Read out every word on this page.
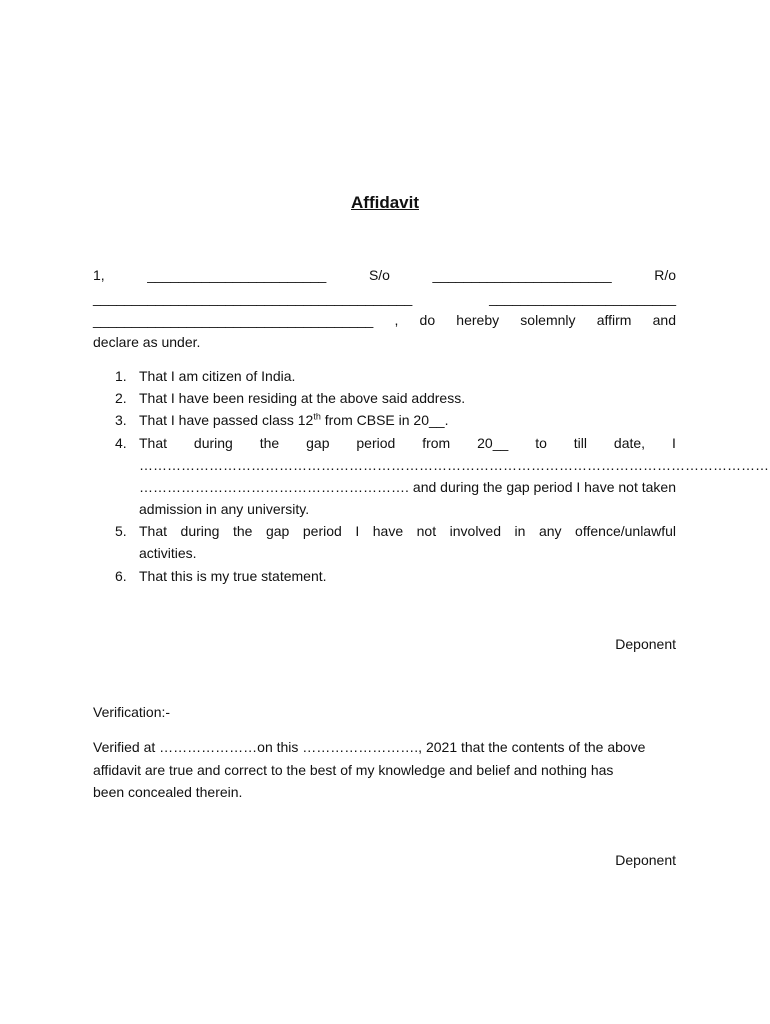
Affidavit
1,	_______________________	S/o	_______________________	R/o
_________________________________________	________________________
____________________________________ , do hereby solemnly affirm and
declare as under.
1. That I am citizen of India.
2. That I have been residing at the above said address.
3. That I have passed class 12th from CBSE in 20__.
4. That during the gap period from 20__ to till date, I
………………………………………………………………………………………………………………………
…………………………………………………. and during the gap period I have not taken
admission in any university.
5. That during the gap period I have not involved in any offence/unlawful
activities.
6. That this is my true statement.
Deponent
Verification:-
Verified at …………………on this ……………………., 2021 that the contents of the above
affidavit are true and correct to the best of my knowledge and belief and nothing has
been concealed therein.
Deponent
